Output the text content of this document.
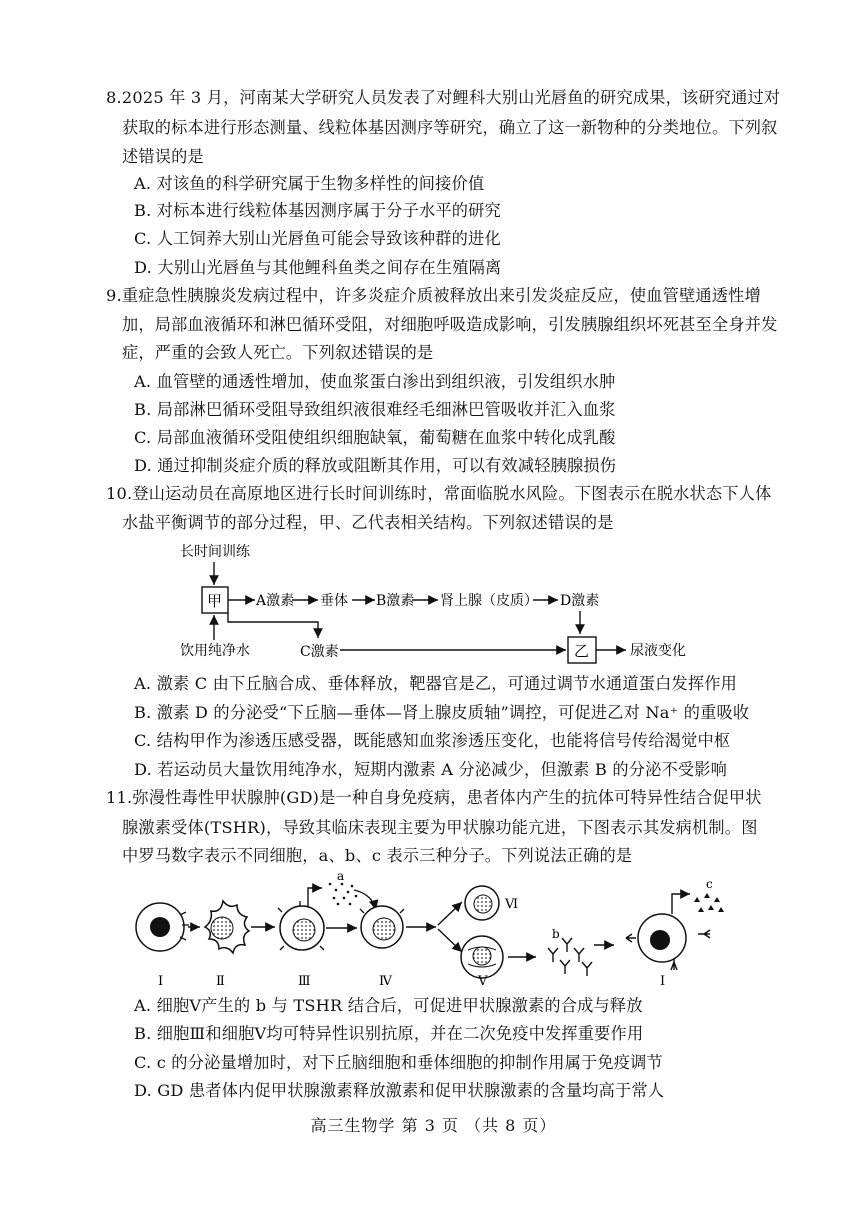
8.2025 年 3 月，河南某大学研究人员发表了对鲤科大别山光唇鱼的研究成果，该研究通过对
获取的标本进行形态测量、线粒体基因测序等研究，确立了这一新物种的分类地位。下列叙
述错误的是
A. 对该鱼的科学研究属于生物多样性的间接价值
B. 对标本进行线粒体基因测序属于分子水平的研究
C. 人工饲养大别山光唇鱼可能会导致该种群的进化
D. 大别山光唇鱼与其他鲤科鱼类之间存在生殖隔离
9.重症急性胰腺炎发病过程中，许多炎症介质被释放出来引发炎症反应，使血管壁通透性增
加，局部血液循环和淋巴循环受阻，对细胞呼吸造成影响，引发胰腺组织坏死甚至全身并发
症，严重的会致人死亡。下列叙述错误的是
A. 血管壁的通透性增加，使血浆蛋白渗出到组织液，引发组织水肿
B. 局部淋巴循环受阻导致组织液很难经毛细淋巴管吸收并汇入血浆
C. 局部血液循环受阻使组织细胞缺氧，葡萄糖在血浆中转化成乳酸
D. 通过抑制炎症介质的释放或阻断其作用，可以有效减轻胰腺损伤
10.登山运动员在高原地区进行长时间训练时，常面临脱水风险。下图表示在脱水状态下人体
水盐平衡调节的部分过程，甲、乙代表相关结构。下列叙述错误的是
长时间训练
甲 A激素 垂体 B激素 肾上腺（皮质） D激素
饮用纯净水	C激素	乙	尿液变化
A. 激素 C 由下丘脑合成、垂体释放，靶器官是乙，可通过调节水通道蛋白发挥作用
B. 激素 D 的分泌受“下丘脑—垂体—肾上腺皮质轴”调控，可促进乙对 Na⁺ 的重吸收
C. 结构甲作为渗透压感受器，既能感知血浆渗透压变化，也能将信号传给渴觉中枢
D. 若运动员大量饮用纯净水，短期内激素 A 分泌减少，但激素 B 的分泌不受影响
11.弥漫性毒性甲状腺肿(GD)是一种自身免疫病，患者体内产生的抗体可特异性结合促甲状
腺激素受体(TSHR)，导致其临床表现主要为甲状腺功能亢进，下图表示其发病机制。图
中罗马数字表示不同细胞，a、b、c 表示三种分子。下列说法正确的是
a
Ⅵ
b
c
Ⅰ	Ⅱ	Ⅲ	Ⅳ	Ⅴ	Ⅰ
A. 细胞Ⅴ产生的 b 与 TSHR 结合后，可促进甲状腺激素的合成与释放
B. 细胞Ⅲ和细胞Ⅴ均可特异性识别抗原，并在二次免疫中发挥重要作用
C. c 的分泌量增加时，对下丘脑细胞和垂体细胞的抑制作用属于免疫调节
D. GD 患者体内促甲状腺激素释放激素和促甲状腺激素的含量均高于常人
高三生物学 第 3 页 （共 8 页）
